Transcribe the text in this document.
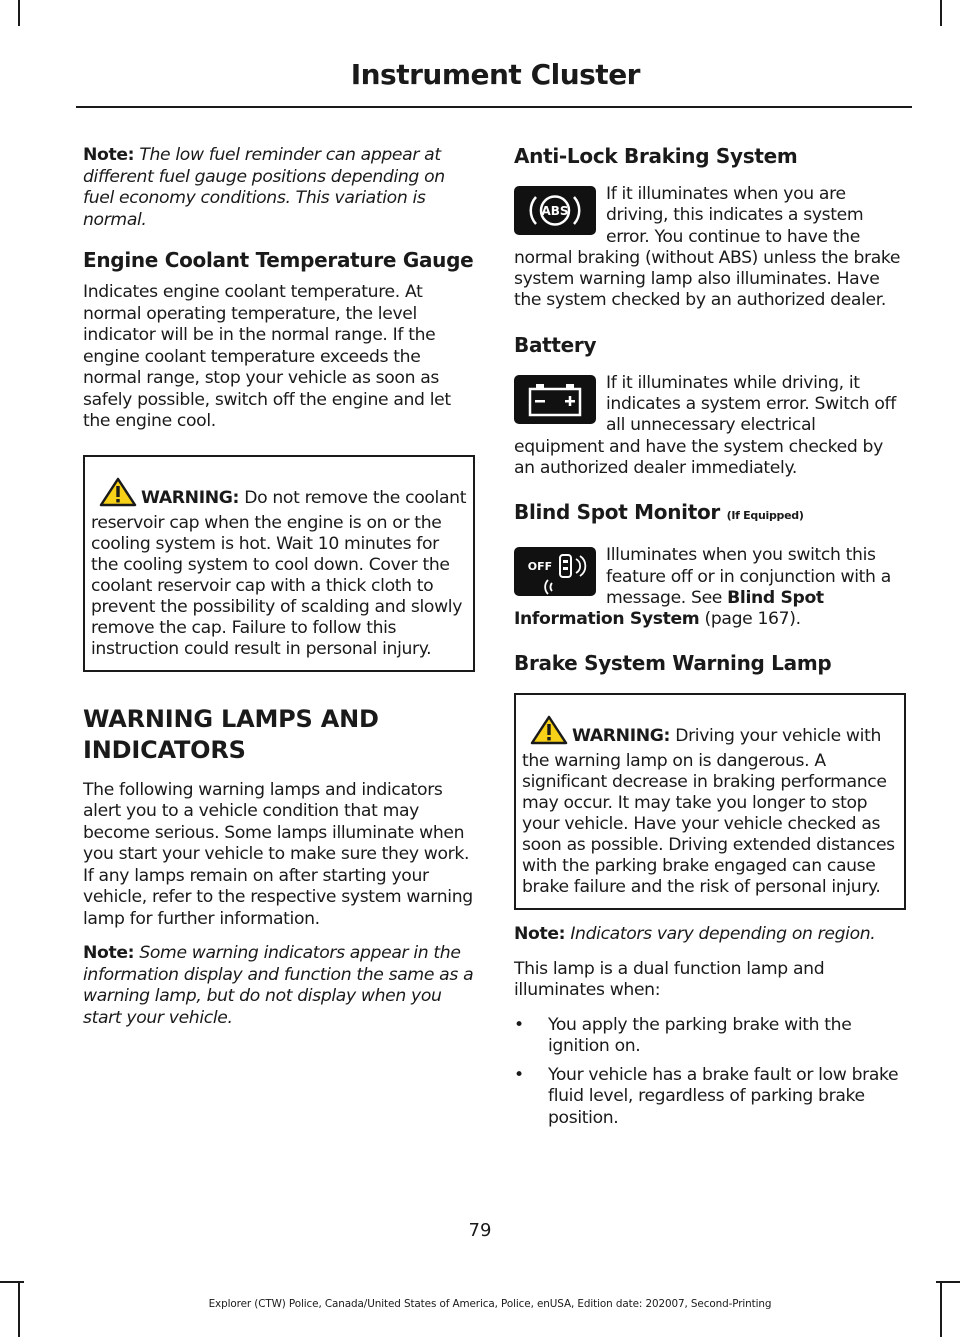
Instrument Cluster

Note: The low fuel reminder can appear at different fuel gauge positions depending on fuel economy conditions. This variation is normal.

Engine Coolant Temperature Gauge

Indicates engine coolant temperature. At normal operating temperature, the level indicator will be in the normal range. If the engine coolant temperature exceeds the normal range, stop your vehicle as soon as safely possible, switch off the engine and let the engine cool.

WARNING: Do not remove the coolant reservoir cap when the engine is on or the cooling system is hot. Wait 10 minutes for the cooling system to cool down. Cover the coolant reservoir cap with a thick cloth to prevent the possibility of scalding and slowly remove the cap. Failure to follow this instruction could result in personal injury.
WARNING LAMPS AND INDICATORS

The following warning lamps and indicators alert you to a vehicle condition that may become serious. Some lamps illuminate when you start your vehicle to make sure they work. If any lamps remain on after starting your vehicle, refer to the respective system warning lamp for further information.

Note: Some warning indicators appear in the information display and function the same as a warning lamp, but do not display when you start your vehicle.

Anti-Lock Braking System
ABS
If it illuminates when you are driving, this indicates a system error. You continue to have the normal braking (without ABS) unless the brake system warning lamp also illuminates. Have the system checked by an authorized dealer.
Battery
If it illuminates while driving, it indicates a system error. Switch off all unnecessary electrical equipment and have the system checked by an authorized dealer immediately.
Blind Spot Monitor (If Equipped)
OFF
Illuminates when you switch this feature off or in conjunction with a message. See Blind Spot Information System (page 167).
Brake System Warning Lamp
WARNING: Driving your vehicle with the warning lamp on is dangerous. A significant decrease in braking performance may occur. It may take you longer to stop your vehicle. Have your vehicle checked as soon as possible. Driving extended distances with the parking brake engaged can cause brake failure and the risk of personal injury.

Note: Indicators vary depending on region.

This lamp is a dual function lamp and illuminates when:

• You apply the parking brake with the ignition on.
• Your vehicle has a brake fault or low brake fluid level, regardless of parking brake position.
79
Explorer (CTW) Police, Canada/United States of America, Police, enUSA, Edition date: 202007, Second-Printing
